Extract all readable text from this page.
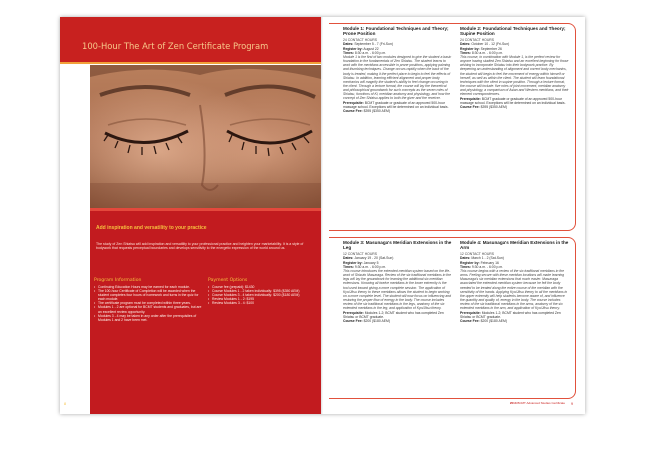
100-Hour The Art of Zen Certificate Program
Add inspiration and versatility to your practice
The study of Zen Shiatsu will add inspiration and versatility to your professional practice and heighten your marketability. It is a style of bodywork that requests perceptual boundaries and develops sensitivity to the energetic expression of the world around us.
Program Information
• Continuing Education Hours may be earned for each module.
• The 100-hour Certificate of Completion will be awarded when the student completes four hours of homework and turns in the quiz for each module.
• The certificate program must be completed within three years.
• Modules 1 - 2 are optional for BCMT students and graduates, but are an excellent review opportunity.
• Modules 3 - 4 may be taken in any order after the prerequisites of Modules 1 and 2 have been met.
Payment Options
• Course fee (prepaid): $1430
• Course Modules 1 - 2 taken individually: $395 ($350 AEM)
• Course Modules 3 - 4 taken individually: $200 ($180 AEM)
• Review Modules 1 - 2: $195
• Review Modules 3 - 4: $100
8
Module 1: Foundational Techniques and Theory; Prone Position
24 CONTACT HOURS
Dates: September 5 - 7 (Fri-Sun)
Register by: August 22
Times: 8:30 a.m. - 6:00 p.m.
Module 1 is the first of two modules designed to give the student a basic foundation in the fundamentals of Zen Shiatsu. The student learns to work with the meridians accessible in prone positions, applying palming and thumbing techniques. Change occurs rapidly when the back of the body is treated, making it the perfect place to begin to feel the effects of Shiatsu. In addition, learning efficient alignment and proper body mechanics will magnify the student's ability to feel change occurring in the client. Through a lecture format, the course will lay the theoretical and philosophical groundwork for such concepts as the seven roles of Shiatsu, functions of Ki, meridian anatomy and physiology, and how the concept of Zen Shiatsu applies to both the giver and the receiver.
Prerequisite: BCMT graduate or graduate of an approved 500-hour massage school. Exceptions will be determined on an individual basis.
Course Fee: $395 ($350 AEM)
Module 2: Foundational Techniques and Theory; Supine Position
24 CONTACT HOURS
Dates: October 10 - 12 (Fri-Sun)
Register by: September 26
Times: 8:30 a.m. - 6:00 p.m.
This course, in combination with Module 1, is the perfect review for anyone having studied Zen Shiatsu and an excellent beginning for those wishing to incorporate Shiatsu into their bodywork practice. By deepening an understanding of alignment and correct body mechanics, the student will begin to feel the movement of energy within himself or herself, as well as within the client. The student will learn foundational techniques with the client in supine position. Through a lecture format, the course will include: five roles of joint movement, meridian anatomy and physiology, a comparison of Asian and Western meridians, and their element correspondences.
Prerequisite: BCMT graduate or graduate of an approved 500-hour massage school. Exceptions will be determined on an individual basis.
Course Fee: $395 ($350 AEM)
Module 3: Masunaga's Meridian Extensions in the Leg
12 CONTACT HOURS
Dates: January 19 - 20 (Sat-Sun)
Register by: January 5
Times: 9:30 a.m. - 6:00 p.m.
This course introduces the extended meridian system based on the life-work of Shizuto Masunaga. Review of the six traditional meridians in the legs will lay the groundwork for learning the additional six meridian extensions. Knowing all twelve meridians in the lower extremity is the tool used toward giving a more complete session. The application of Kyo/Jitsu theory to these meridians allows the student to begin working on a more complete level. The student will now focus on influencing and restoring the proper flow of energy in the body. The course includes review of the six traditional meridians in the legs, anatomy of the six extended meridians in the leg, and application of Kyo/Jitsu theory.
Prerequisite: Modules 1-2; BCMT student who has completed Zen Shiatsu or BCMT graduate.
Course Fee: $200 ($180 AEM)
Module 4: Masunaga's Meridian Extensions in the Arm
12 CONTACT HOURS
Dates: March 1 - 2 (Sat-Sun)
Register by: February 16
Times: 9:30 a.m. - 6:00 p.m.
This course begins with a review of the six traditional meridians in the arms. Feeling secure with these meridian locations will make learning Masunaga's six meridian extensions that much easier. Masunaga associated the extended meridian system because he felt the body needed to be treated along the entire course of the meridian with the sensitivity of the hands. Applying Kyo/Jitsu theory to all the meridians in the upper extremity will help students become aware of, and influence the quantity and quality of, energy in the body. The course includes review of the six traditional meridians in the arms, anatomy of the six extended meridians in the arm, and application of Kyo/Jitsu theory.
Prerequisite: Modules 1-2; BCMT student who has completed Zen Shiatsu or BCMT graduate.
Course Fee: $200 ($180 AEM)
2013 BCMT Advanced Studies Certificate 9
